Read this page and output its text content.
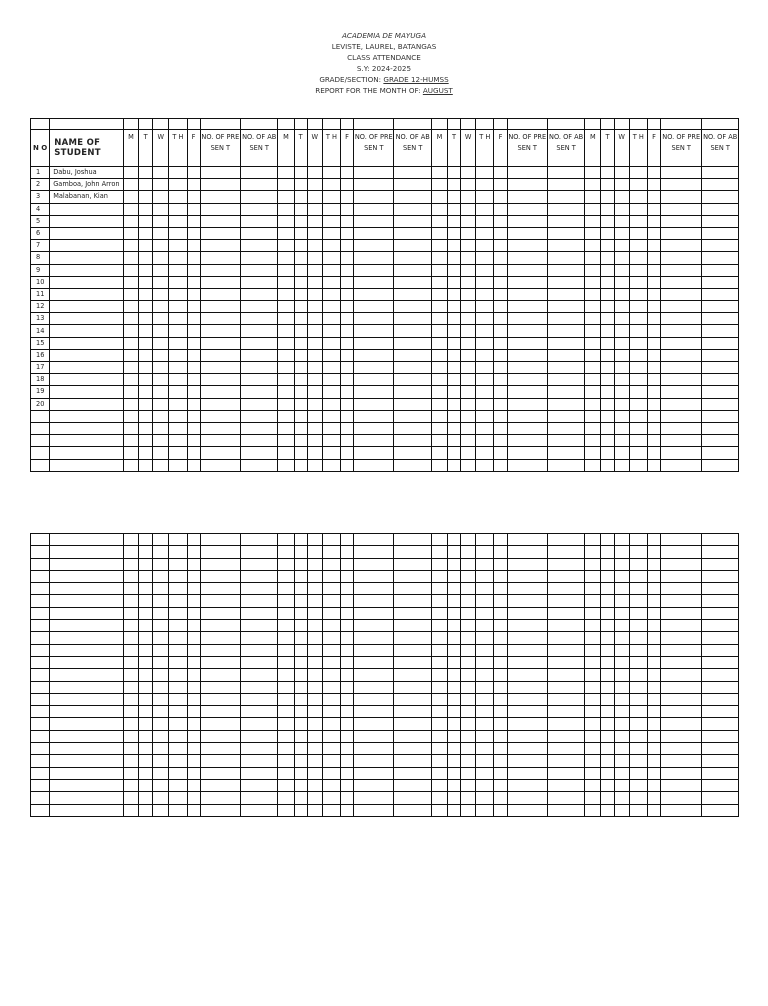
ACADEMIA DE MAYUGA
LEVISTE, LAUREL, BATANGAS
CLASS ATTENDANCE
S.Y: 2024-2025
GRADE/SECTION: GRADE 12-HUMSS
REPORT FOR THE MONTH OF: AUGUST

N O	NAME OF STUDENT	M	T	W	T H	F	NO. OF PRESEN T	NO. OF ABSEN T	M	T	W	T H	F	NO. OF PRESEN T	NO. OF ABSEN T	M	T	W	T H	F	NO. OF PRESEN T	NO. OF ABSEN T	M	T	W	T H	F	NO. OF PRESEN T	NO. OF ABSEN T
1	Dabu, Joshua																												
2	Gamboa, John Arron																												
3	Malabanan, Kian																												
4																													
5																													
6																													
7																													
8																													
9																													
10																													
11																													
12																													
13																													
14																													
15																													
16																													
17																													
18																													
19																													
20																													
